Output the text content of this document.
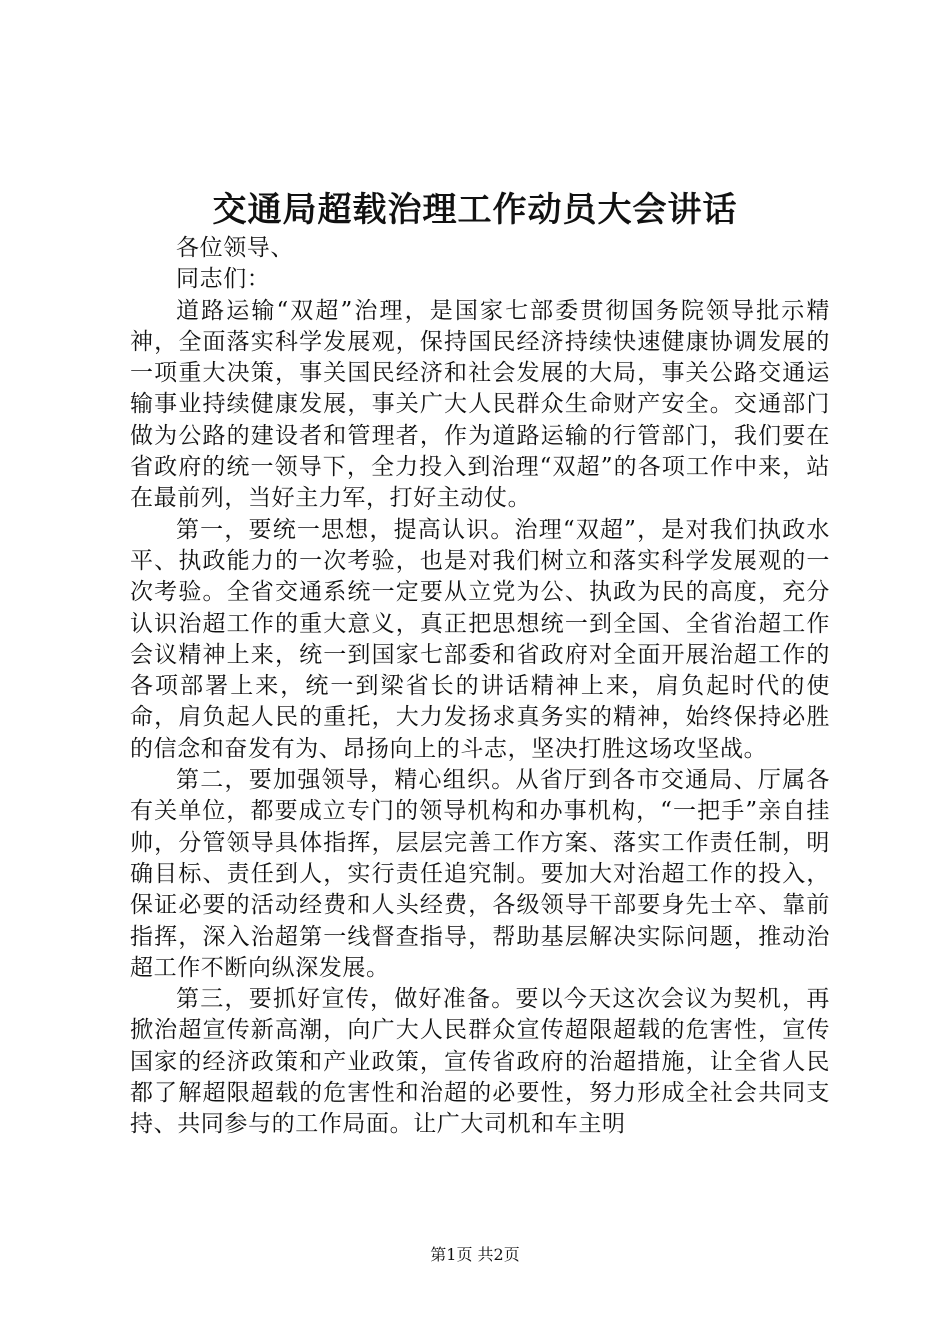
交通局超载治理工作动员大会讲话

各位领导、

同志们：

道路运输“双超”治理，是国家七部委贯彻国务院领导批示精神，全面落实科学发展观，保持国民经济持续快速健康协调发展的一项重大决策，事关国民经济和社会发展的大局，事关公路交通运输事业持续健康发展，事关广大人民群众生命财产安全。交通部门做为公路的建设者和管理者，作为道路运输的行管部门，我们要在省政府的统一领导下，全力投入到治理“双超”的各项工作中来，站在最前列，当好主力军，打好主动仗。

第一，要统一思想，提高认识。治理“双超”，是对我们执政水平、执政能力的一次考验，也是对我们树立和落实科学发展观的一次考验。全省交通系统一定要从立党为公、执政为民的高度，充分认识治超工作的重大意义，真正把思想统一到全国、全省治超工作会议精神上来，统一到国家七部委和省政府对全面开展治超工作的各项部署上来，统一到梁省长的讲话精神上来，肩负起时代的使命，肩负起人民的重托，大力发扬求真务实的精神，始终保持必胜的信念和奋发有为、昂扬向上的斗志，坚决打胜这场攻坚战。

第二，要加强领导，精心组织。从省厅到各市交通局、厅属各有关单位，都要成立专门的领导机构和办事机构，“一把手”亲自挂帅，分管领导具体指挥，层层完善工作方案、落实工作责任制，明确目标、责任到人，实行责任追究制。要加大对治超工作的投入，保证必要的活动经费和人头经费，各级领导干部要身先士卒、靠前指挥，深入治超第一线督查指导，帮助基层解决实际问题，推动治超工作不断向纵深发展。

第三，要抓好宣传，做好准备。要以今天这次会议为契机，再掀治超宣传新高潮，向广大人民群众宣传超限超载的危害性，宣传国家的经济政策和产业政策，宣传省政府的治超措施，让全省人民都了解超限超载的危害性和治超的必要性，努力形成全社会共同支持、共同参与的工作局面。让广大司机和车主明

第1页 共2页
